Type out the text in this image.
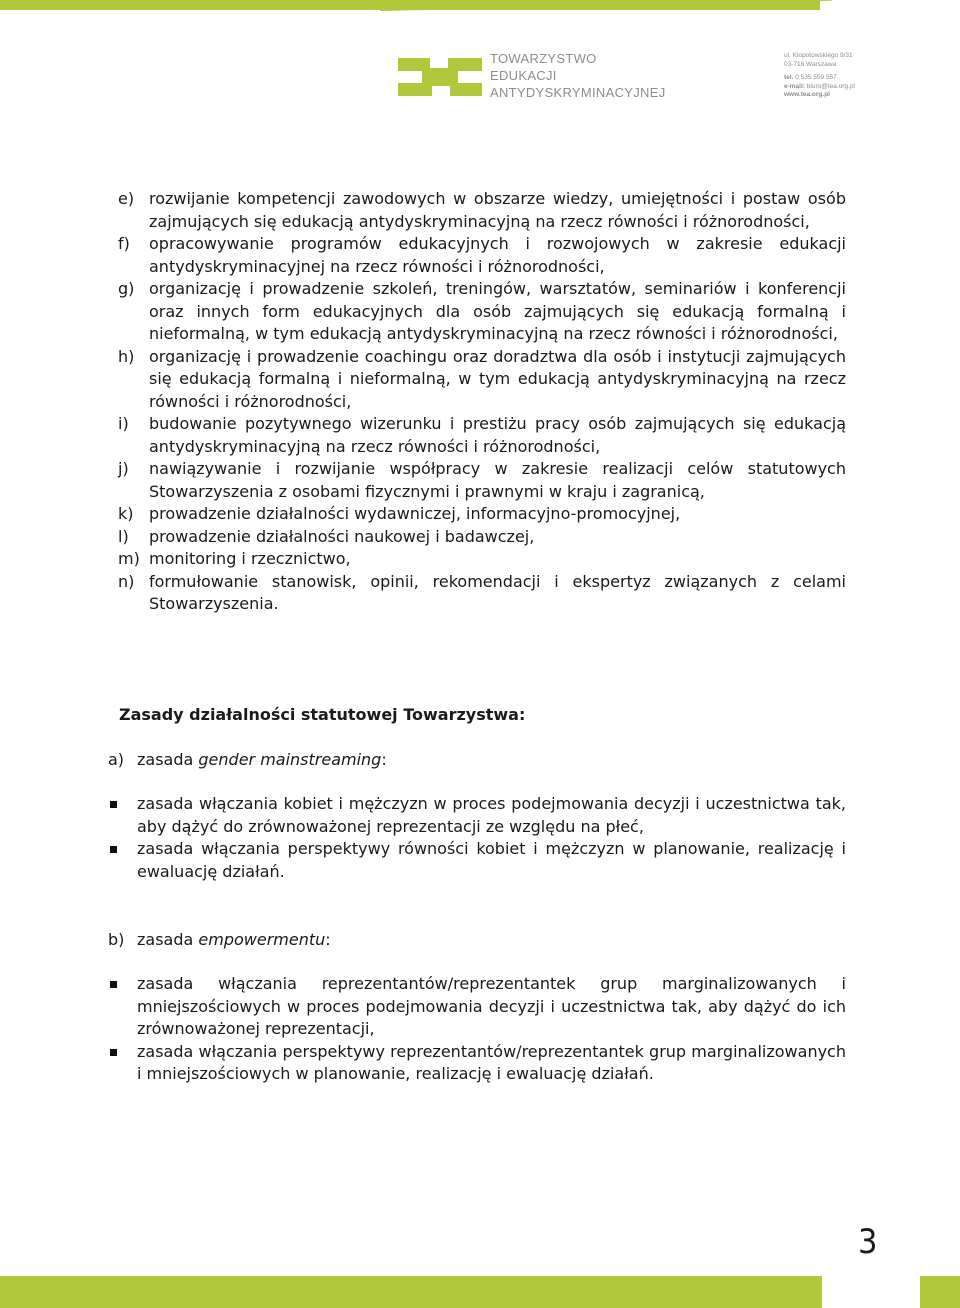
TOWARZYSTWO
EDUKACJI
ANTYDYSKRYMINACYJNEJ
ul. Kłopotowskiego 9/31
03-718 Warszawa
tel. 0 535 559 557
e-mail: biuro@tea.org.pl
www.tea.org.pl
e) rozwijanie kompetencji zawodowych w obszarze wiedzy, umiejętności i postaw osób zajmujących się edukacją antydyskryminacyjną na rzecz równości i różnorodności,
f) opracowywanie programów edukacyjnych i rozwojowych w zakresie edukacji antydyskryminacyjnej na rzecz równości i różnorodności,
g) organizację i prowadzenie szkoleń, treningów, warsztatów, seminariów i konferencji oraz innych form edukacyjnych dla osób zajmujących się edukacją formalną i nieformalną, w tym edukacją antydyskryminacyjną na rzecz równości i różnorodności,
h) organizację i prowadzenie coachingu oraz doradztwa dla osób i instytucji zajmujących się edukacją formalną i nieformalną, w tym edukacją antydyskryminacyjną na rzecz równości i różnorodności,
i) budowanie pozytywnego wizerunku i prestiżu pracy osób zajmujących się edukacją antydyskryminacyjną na rzecz równości i różnorodności,
j) nawiązywanie i rozwijanie współpracy w zakresie realizacji celów statutowych Stowarzyszenia z osobami fizycznymi i prawnymi w kraju i zagranicą,
k) prowadzenie działalności wydawniczej, informacyjno-promocyjnej,
l) prowadzenie działalności naukowej i badawczej,
m) monitoring i rzecznictwo,
n) formułowanie stanowisk, opinii, rekomendacji i ekspertyz związanych z celami Stowarzyszenia.
Zasady działalności statutowej Towarzystwa:
a) zasada gender mainstreaming:
zasada włączania kobiet i mężczyzn w proces podejmowania decyzji i uczestnictwa tak, aby dążyć do zrównoważonej reprezentacji ze względu na płeć,
zasada włączania perspektywy równości kobiet i mężczyzn w planowanie, realizację i ewaluację działań.
b) zasada empowermentu:
zasada włączania reprezentantów/reprezentantek grup marginalizowanych i mniejszościowych w proces podejmowania decyzji i uczestnictwa tak, aby dążyć do ich zrównoważonej reprezentacji,
zasada włączania perspektywy reprezentantów/reprezentantek grup marginalizowanych i mniejszościowych w planowanie, realizację i ewaluację działań.
3
